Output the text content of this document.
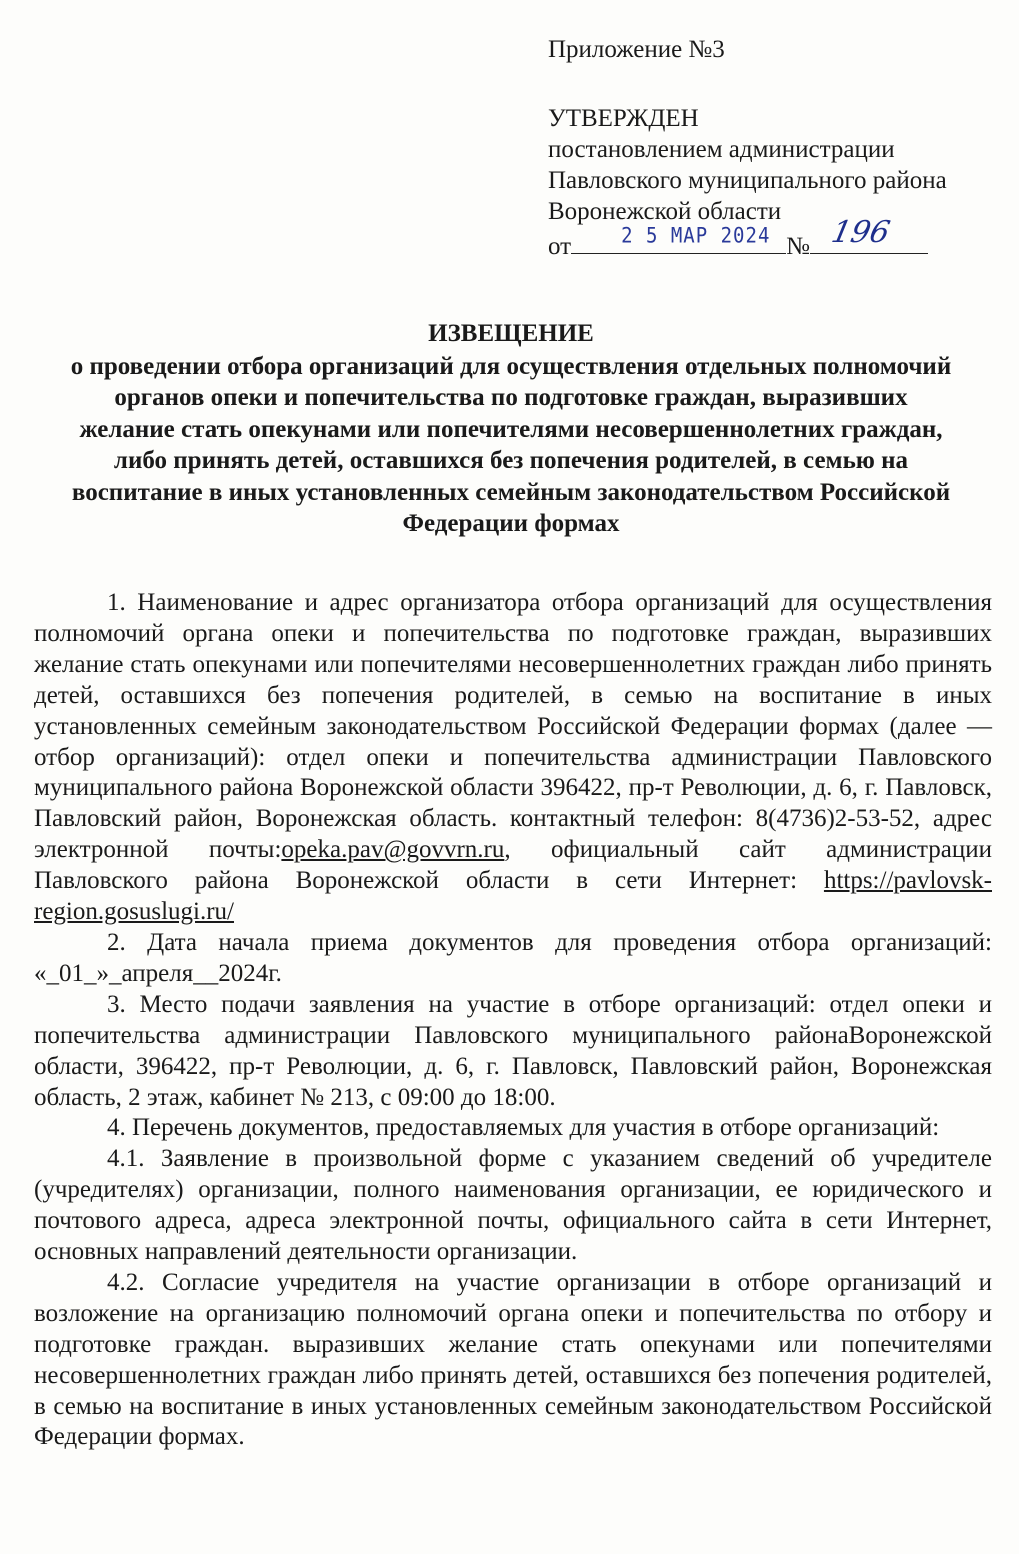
Приложение №3
УТВЕРЖДЕН
постановлением администрации
Павловского муниципального района
Воронежской области
от	2 5 МАР 2024 № 196
ИЗВЕЩЕНИЕ
о проведении отбора организаций для осуществления отдельных полномочий
органов опеки и попечительства по подготовке граждан, выразивших
желание стать опекунами или попечителями несовершеннолетних граждан,
либо принять детей, оставшихся без попечения родителей, в семью на
воспитание в иных установленных семейным законодательством Российской
Федерации формах

1. Наименование и адрес организатора отбора организаций для осуществления полномочий органа опеки и попечительства по подготовке граждан, выразивших желание стать опекунами или попечителями несовершеннолетних граждан либо принять детей, оставшихся без попечения родителей, в семью на воспитание в иных установленных семейным законодательством Российской Федерации формах (далее — отбор организаций): отдел опеки и попечительства администрации Павловского муниципального района Воронежской области 396422, пр-т Революции, д. 6, г. Павловск, Павловский район, Воронежская область. контактный телефон: 8(4736)2-53-52, адрес электронной почты:opeka.pav@govvrn.ru, официальный сайт администрации Павловского района Воронежской области в сети Интернет: https://pavlovsk-region.gosuslugi.ru/

2. Дата начала приема документов для проведения отбора организаций: «_01_»_апреля__2024г.

3. Место подачи заявления на участие в отборе организаций: отдел опеки и попечительства администрации Павловского муниципального районаВоронежской области, 396422, пр-т Революции, д. 6, г. Павловск, Павловский район, Воронежская область, 2 этаж, кабинет № 213, с 09:00 до 18:00.

4. Перечень документов, предоставляемых для участия в отборе организаций:

4.1. Заявление в произвольной форме с указанием сведений об учредителе (учредителях) организации, полного наименования организации, ее юридического и почтового адреса, адреса электронной почты, официального сайта в сети Интернет, основных направлений деятельности организации.

4.2. Согласие учредителя на участие организации в отборе организаций и возложение на организацию полномочий органа опеки и попечительства по отбору и подготовке граждан. выразивших желание стать опекунами или попечителями несовершеннолетних граждан либо принять детей, оставшихся без попечения родителей, в семью на воспитание в иных установленных семейным законодательством Российской Федерации формах.
